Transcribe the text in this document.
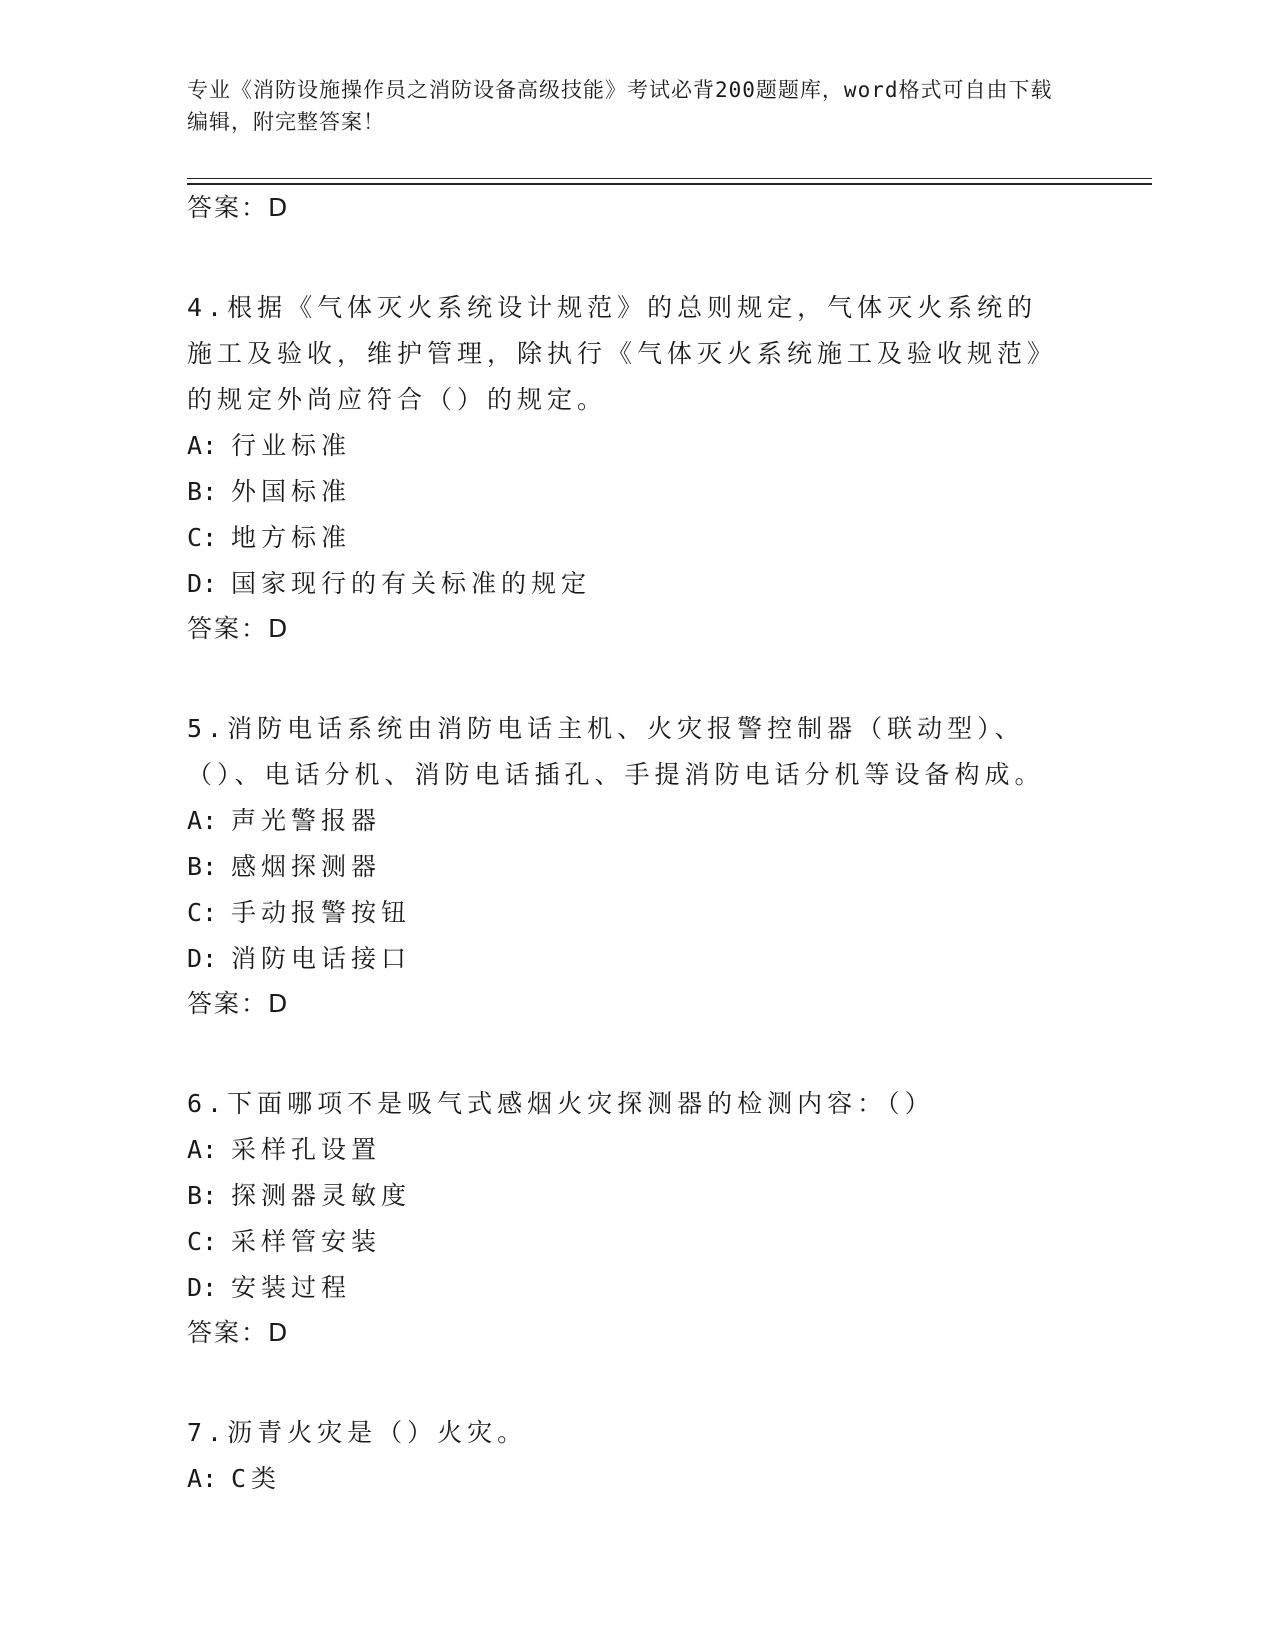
专业《消防设施操作员之消防设备高级技能》考试必背200题题库，word格式可自由下载编辑，附完整答案！
答案：D
4.根据《气体灭火系统设计规范》的总则规定，气体灭火系统的施工及验收，维护管理，除执行《气体灭火系统施工及验收规范》的规定外尚应符合（）的规定。
A: 行业标准
B: 外国标准
C: 地方标准
D: 国家现行的有关标准的规定
答案：D
5.消防电话系统由消防电话主机、火灾报警控制器（联动型）、（）、电话分机、消防电话插孔、手提消防电话分机等设备构成。
A: 声光警报器
B: 感烟探测器
C: 手动报警按钮
D: 消防电话接口
答案：D
6.下面哪项不是吸气式感烟火灾探测器的检测内容：（）
A: 采样孔设置
B: 探测器灵敏度
C: 采样管安装
D: 安装过程
答案：D
7.沥青火灾是（）火灾。
A: C类
